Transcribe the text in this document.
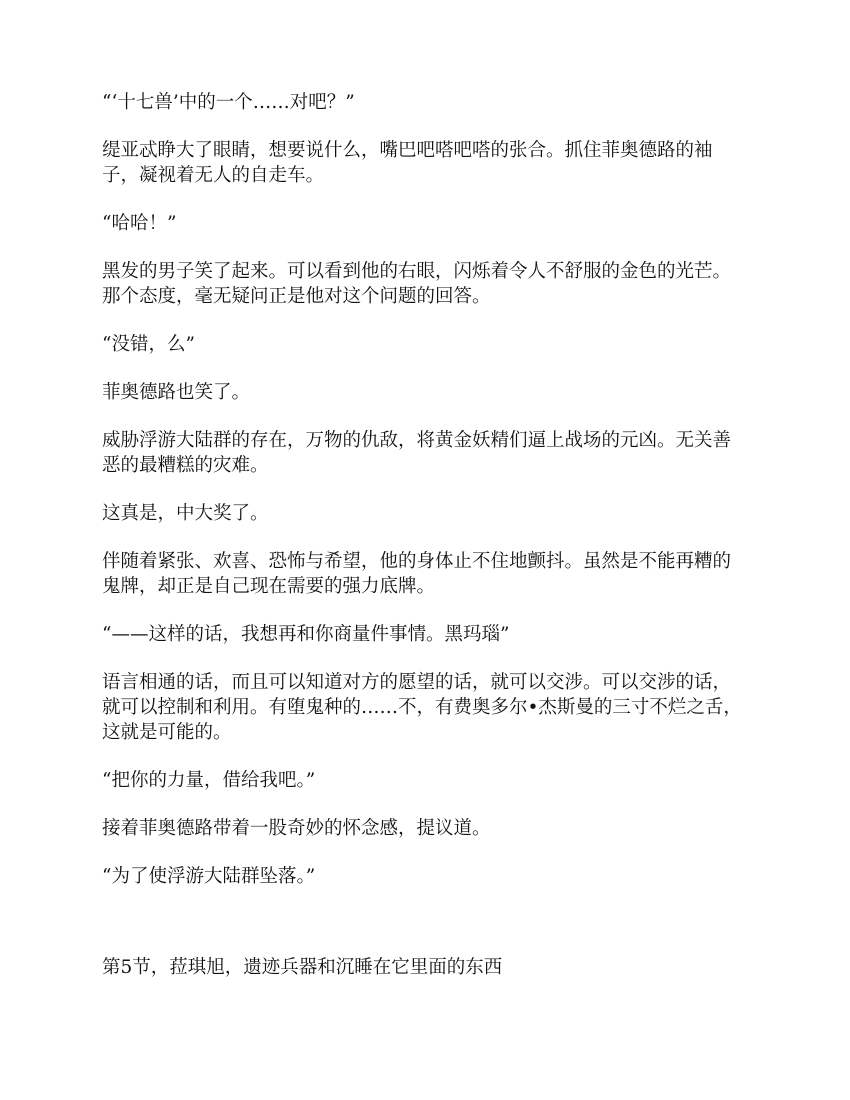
“‘十七兽’中的一个……对吧？”

缇亚忒睁大了眼睛，想要说什么，嘴巴吧嗒吧嗒的张合。抓住菲奥德路的袖子，凝视着无人的自走车。

“哈哈！”

黑发的男子笑了起来。可以看到他的右眼，闪烁着令人不舒服的金色的光芒。那个态度，毫无疑问正是他对这个问题的回答。

“没错，么”

菲奥德路也笑了。

威胁浮游大陆群的存在，万物的仇敌，将黄金妖精们逼上战场的元凶。无关善恶的最糟糕的灾难。

这真是，中大奖了。

伴随着紧张、欢喜、恐怖与希望，他的身体止不住地颤抖。虽然是不能再糟的鬼牌，却正是自己现在需要的强力底牌。

“——这样的话，我想再和你商量件事情。黑玛瑙”

语言相通的话，而且可以知道对方的愿望的话，就可以交涉。可以交涉的话，就可以控制和利用。有堕鬼种的……不，有费奥多尔•杰斯曼的三寸不烂之舌，这就是可能的。

“把你的力量，借给我吧。”

接着菲奥德路带着一股奇妙的怀念感，提议道。

“为了使浮游大陆群坠落。”

第5节，菈琪旭，遗迹兵器和沉睡在它里面的东西
